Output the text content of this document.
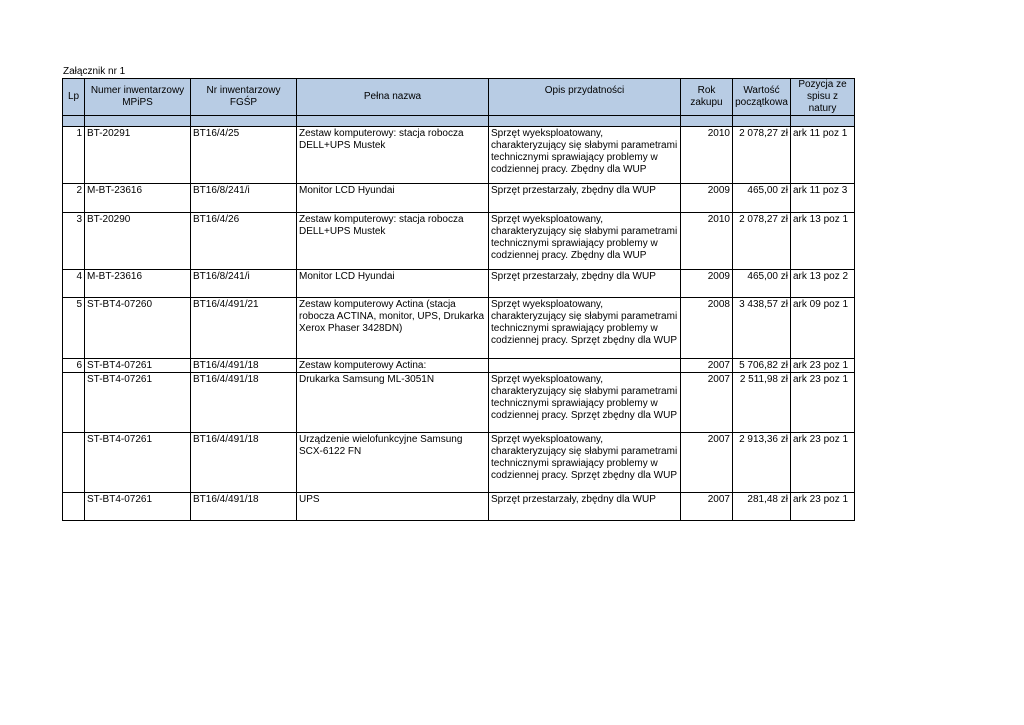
Załącznik nr 1
Lp	Numer inwentarzowy MPiPS	Nr inwentarzowy FGŚP	Pełna nazwa	Opis przydatności	Rok zakupu	Wartość początkowa	Pozycja ze spisu z natury

1	BT-20291	BT16/4/25	Zestaw komputerowy: stacja robocza DELL+UPS Mustek	Sprzęt wyeksploatowany, charakteryzujący się słabymi parametrami technicznymi sprawiający problemy w codziennej pracy. Zbędny dla WUP	2010	2 078,27 zł	ark 11 poz 1
2	M-BT-23616	BT16/8/241/i	Monitor LCD Hyundai	Sprzęt przestarzały, zbędny dla WUP	2009	465,00 zł	ark 11 poz 3
3	BT-20290	BT16/4/26	Zestaw komputerowy: stacja robocza DELL+UPS Mustek	Sprzęt wyeksploatowany, charakteryzujący się słabymi parametrami technicznymi sprawiający problemy w codziennej pracy. Zbędny dla WUP	2010	2 078,27 zł	ark 13 poz 1
4	M-BT-23616	BT16/8/241/i	Monitor LCD Hyundai	Sprzęt przestarzały, zbędny dla WUP	2009	465,00 zł	ark 13 poz 2
5	ST-BT4-07260	BT16/4/491/21	Zestaw komputerowy Actina (stacja robocza ACTINA, monitor, UPS, Drukarka Xerox Phaser 3428DN)	Sprzęt wyeksploatowany, charakteryzujący się słabymi parametrami technicznymi sprawiający problemy w codziennej pracy. Sprzęt zbędny dla WUP	2008	3 438,57 zł	ark 09 poz 1
6	ST-BT4-07261	BT16/4/491/18	Zestaw komputerowy Actina:		2007	5 706,82 zł	ark 23 poz 1
	ST-BT4-07261	BT16/4/491/18	Drukarka Samsung ML-3051N	Sprzęt wyeksploatowany, charakteryzujący się słabymi parametrami technicznymi sprawiający problemy w codziennej pracy. Sprzęt zbędny dla WUP	2007	2 511,98 zł	ark 23 poz 1
	ST-BT4-07261	BT16/4/491/18	Urządzenie wielofunkcyjne Samsung SCX-6122 FN	Sprzęt wyeksploatowany, charakteryzujący się słabymi parametrami technicznymi sprawiający problemy w codziennej pracy. Sprzęt zbędny dla WUP	2007	2 913,36 zł	ark 23 poz 1
	ST-BT4-07261	BT16/4/491/18	UPS	Sprzęt przestarzały, zbędny dla WUP	2007	281,48 zł	ark 23 poz 1
